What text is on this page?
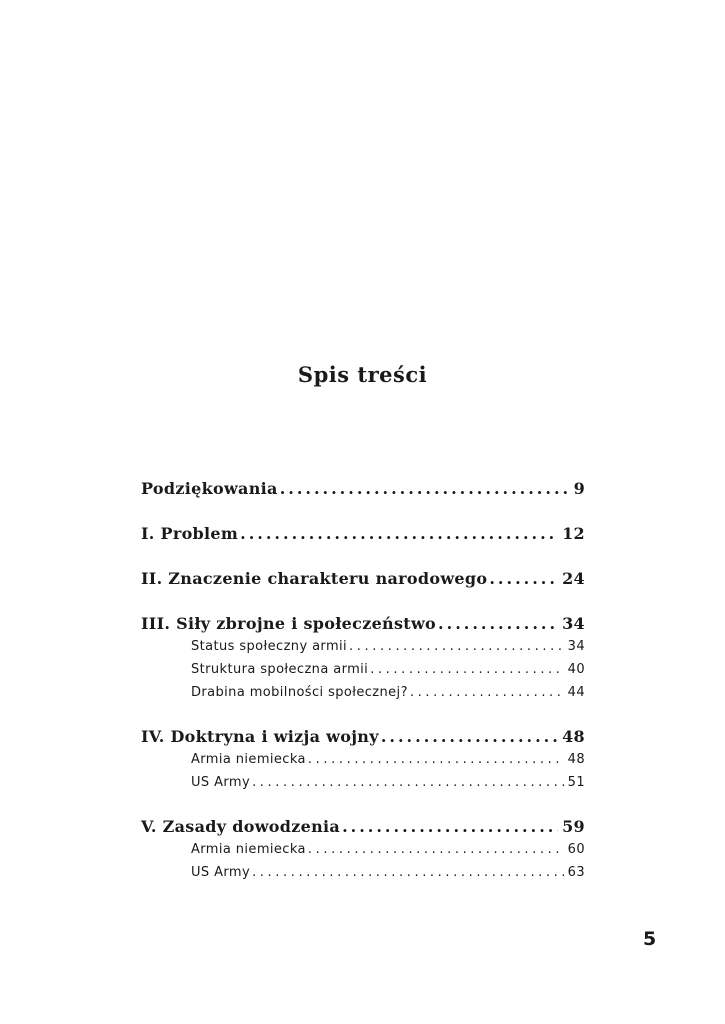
Spis treści
Podziękowania .....	9
I. Problem .....	12
II. Znaczenie charakteru narodowego .....	24
III. Siły zbrojne i społeczeństwo .....	34
Status społeczny armii .....	34
Struktura społeczna armii .....	40
Drabina mobilności społecznej? .....	44
IV. Doktryna i wizja wojny .....	48
Armia niemiecka .....	48
US Army .....	51
V. Zasady dowodzenia .....	59
Armia niemiecka .....	60
US Army .....	63
5
